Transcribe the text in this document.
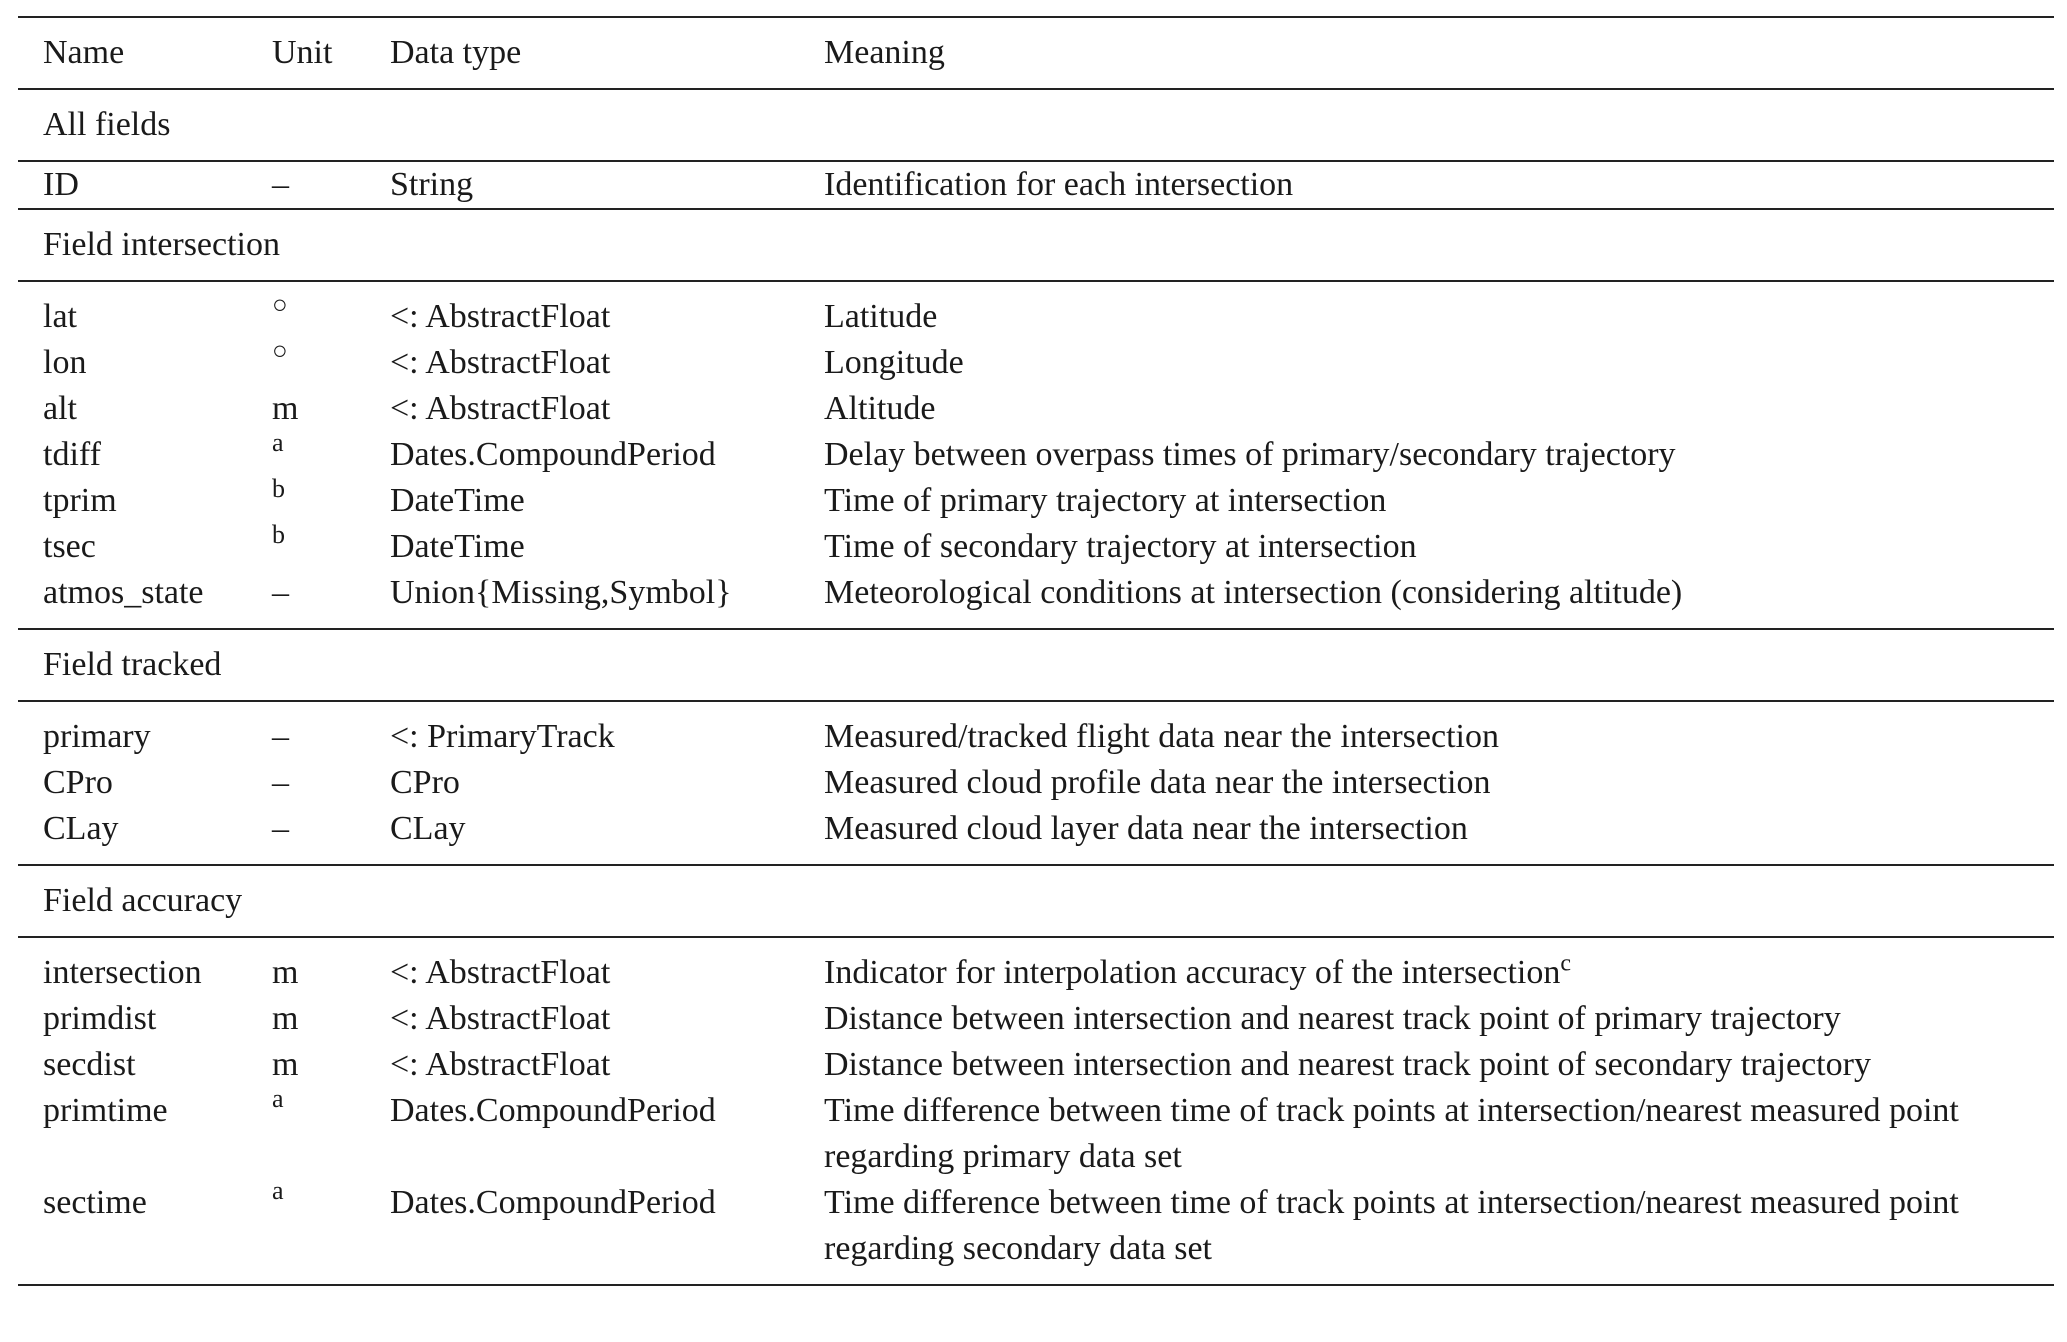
Name	Unit	Data type	Meaning
All fields			
ID	–	String	Identification for each intersection
Field intersection			
lat	○	<: AbstractFloat	Latitude
lon	○	<: AbstractFloat	Longitude
alt	m	<: AbstractFloat	Altitude
tdiff	a	Dates.CompoundPeriod	Delay between overpass times of primary/secondary trajectory
tprim	b	DateTime	Time of primary trajectory at intersection
tsec	b	DateTime	Time of secondary trajectory at intersection
atmos_state	–	Union{Missing,Symbol}	Meteorological conditions at intersection (considering altitude)
Field tracked			
primary	–	<: PrimaryTrack	Measured/tracked flight data near the intersection
CPro	–	CPro	Measured cloud profile data near the intersection
CLay	–	CLay	Measured cloud layer data near the intersection
Field accuracy			
intersection	m	<: AbstractFloat	Indicator for interpolation accuracy of the intersection$^c$
primdist	m	<: AbstractFloat	Distance between intersection and nearest track point of primary trajectory
secdist	m	<: AbstractFloat	Distance between intersection and nearest track point of secondary trajectory
primtime	a	Dates.CompoundPeriod	Time difference between time of track points at intersection/nearest measured point regarding primary data set
sectime	a	Dates.CompoundPeriod	Time difference between time of track points at intersection/nearest measured point regarding secondary data set
